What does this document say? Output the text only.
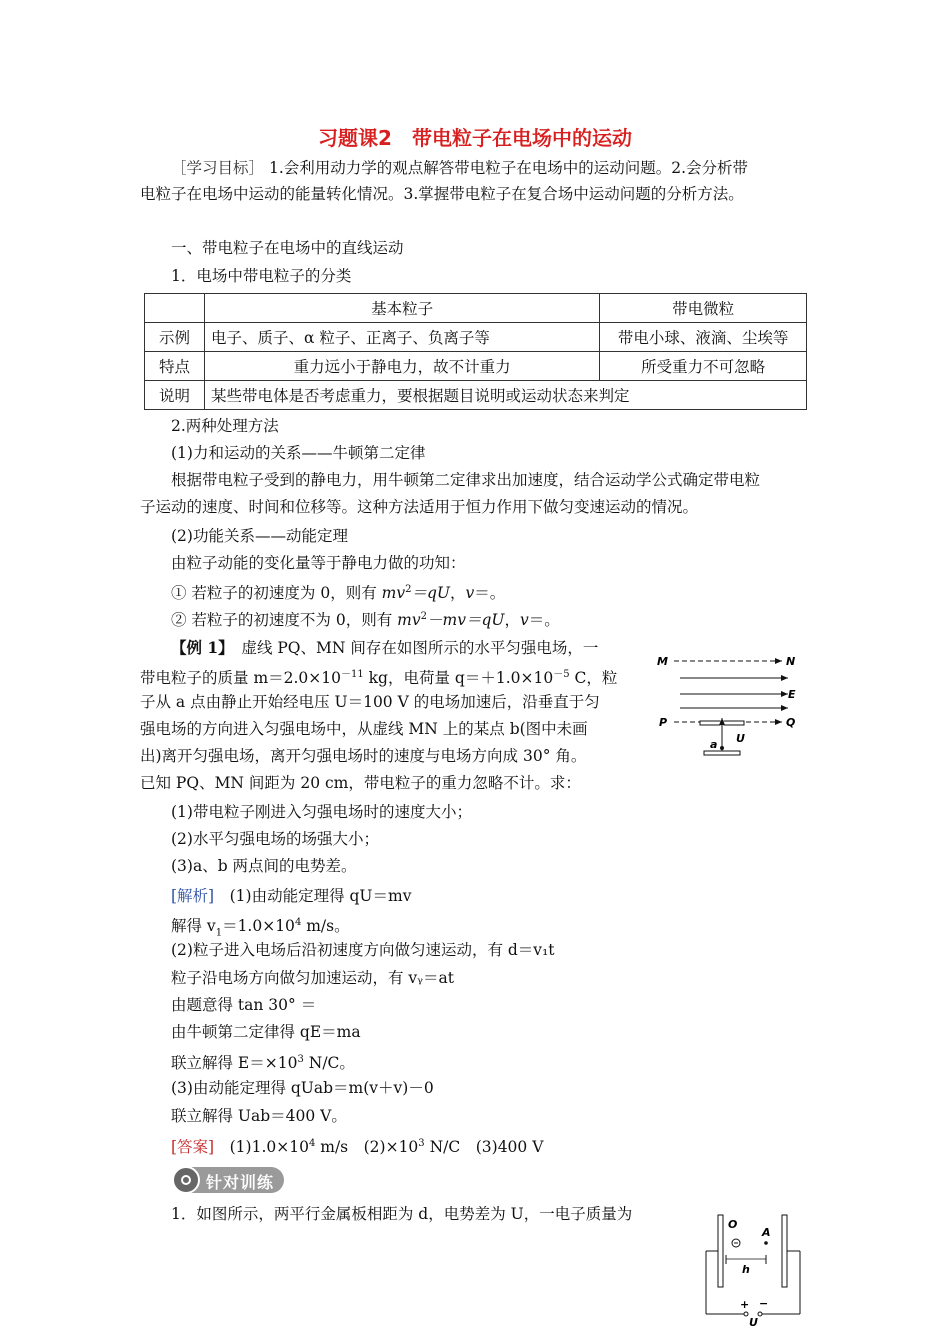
习题课2　带电粒子在电场中的运动
［学习目标］ 1.会利用动力学的观点解答带电粒子在电场中的运动问题。2.会分析带
电粒子在电场中运动的能量转化情况。3.掌握带电粒子在复合场中运动问题的分析方法。
一、带电粒子在电场中的直线运动
1．电场中带电粒子的分类
	基本粒子	带电微粒
示例	电子、质子、α 粒子、正离子、负离子等	带电小球、液滴、尘埃等
特点	重力远小于静电力，故不计重力	所受重力不可忽略
说明	某些带电体是否考虑重力，要根据题目说明或运动状态来判定	
2.两种处理方法
(1)力和运动的关系——牛顿第二定律
根据带电粒子受到的静电力，用牛顿第二定律求出加速度，结合运动学公式确定带电粒
子运动的速度、时间和位移等。这种方法适用于恒力作用下做匀变速运动的情况。
(2)功能关系——动能定理
由粒子动能的变化量等于静电力做的功知：
① 若粒子的初速度为 0，则有 $mv^2=qU$，v＝。
② 若粒子的初速度不为 0，则有 $mv^2-mv=qU$，v＝。
【例 1】　 虚线 PQ、MN 间存在如图所示的水平匀强电场，一
带电粒子的质量 $m=2.0\times 10^{-11}$ kg，电荷量 $q=+1.0\times 10^{-5}$ C，粒
子从 a 点由静止开始经电压 U＝100 V 的电场加速后，沿垂直于匀
强电场的方向进入匀强电场中，从虚线 MN 上的某点 b(图中未画
出)离开匀强电场，离开匀强电场时的速度与电场方向成 30° 角。
已知 PQ、MN 间距为 20 cm，带电粒子的重力忽略不计。求：
(1)带电粒子刚进入匀强电场时的速度大小；
(2)水平匀强电场的场强大小；
(3)a、b 两点间的电势差。
M	N
E
P	Q
U
a
[解析]　 (1)由动能定理得 qU＝mv
解得 $v_1=1.0\times 10^4$ m/s。
(2)粒子进入电场后沿初速度方向做匀速运动，有 d＝v₁t
粒子沿电场方向做匀加速运动，有 vᵧ＝at
由题意得 tan 30° ＝
由牛顿第二定律得 qE＝ma
联立解得 $E=\times 10^3$ N/C。
(3)由动能定理得 qUab＝m(v＋v)－0
联立解得 Uab＝400 V。
[答案]　 $(1)1.0\times 10^4$ m/s　$(2)\times 10^3$ N/C　(3)400 V
针对训练
1．如图所示，两平行金属板相距为 d，电势差为 U，一电子质量为
O
A
h
+ −
U
